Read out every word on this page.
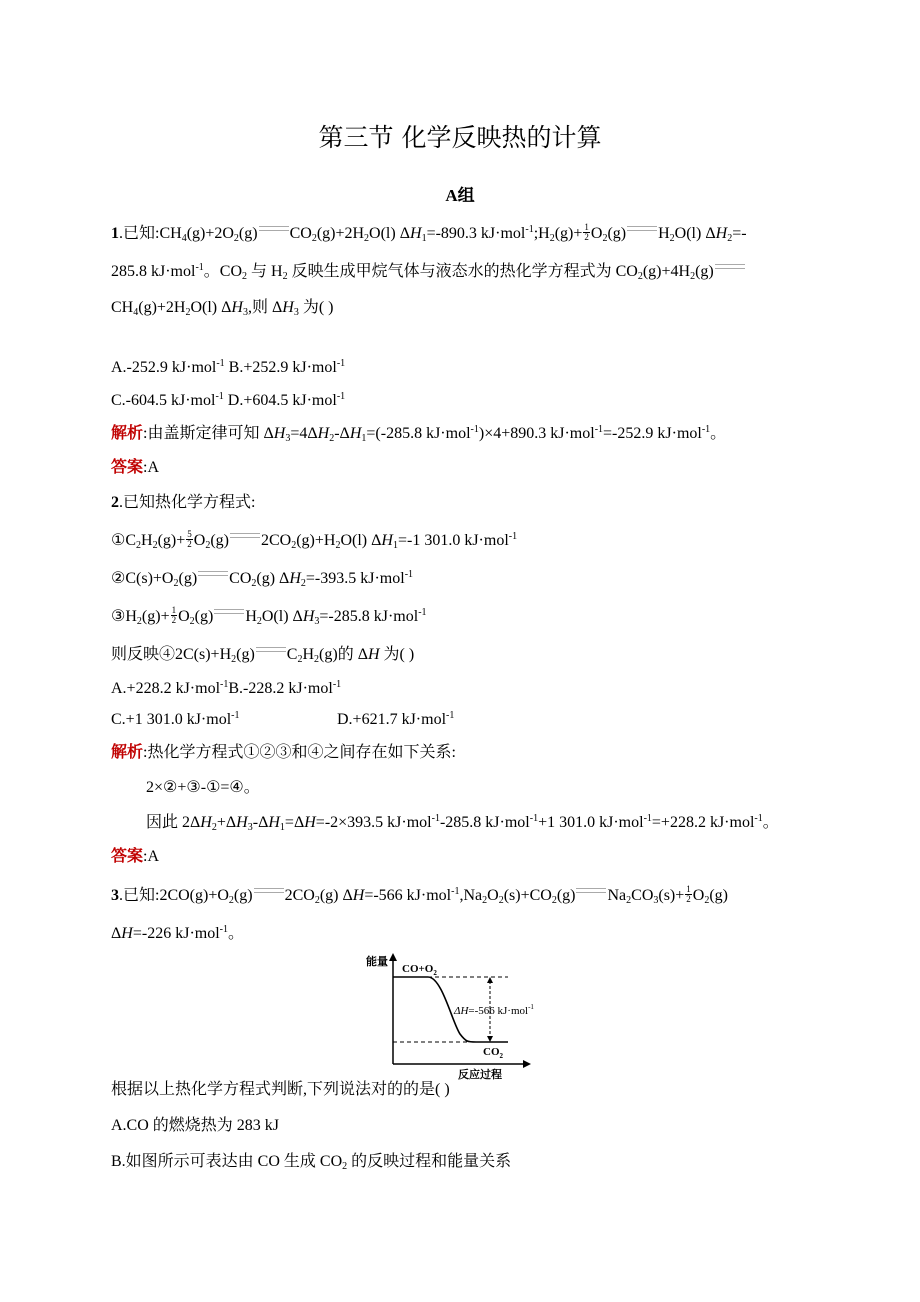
第三节 化学反映热的计算
A组
1.已知$:CH_4(g)+2O_2(g)$ $CO_2(g)+2H_2O(l)$ $\Delta H_1=-890.3$ $kJ\cdot mol^{-1};H_2(g)+ \frac{1}{2} O_2(g)$ $H_2O(l)$ $\Delta H_2=-$
285.8 kJ·mol$^{-1}$。$CO_2$ 与 $H_2$ 反映生成甲烷气体与液态水的热化学方程式为 $CO_2(g)+4H_2(g)$
$CH_4(g)+2H_2O(l)$ $\Delta H_3$,则 $\Delta H_3$ 为( )
A.-252.9 kJ·mol$^{-1}$ B.+252.9 kJ·mol$^{-1}$
C.-604.5 kJ·mol$^{-1}$ D.+604.5 kJ·mol$^{-1}$
解析:由盖斯定律可知 $\Delta H_3=4\Delta H_2-\Delta H_1=(-285.8$ kJ·mol$^{-1}$)×4+890.3 kJ·mol$^{-1}$=-252.9 kJ·mol$^{-1}$。
答案:A
2.已知热化学方程式:
$①C_2H_2(g)+ \frac{5}{2} O_2(g)$ $2CO_2(g)+H_2O(l)$ $\Delta H_1=-1$ 301.0 kJ·mol$^{-1}$
$②C(s)+O_2(g)$ $CO_2(g)$ $\Delta H_2=-393.5$ kJ·mol$^{-1}$
$③H_2(g)+ \frac{1}{2} O_2(g)$ $H_2O(l)$ $\Delta H_3=-285.8$ kJ·mol$^{-1}$
则反映$④2C(s)+H_2(g)$ $C_2H_2(g)$的 ΔH 为( )
A.+228.2 kJ·mol$^{-1}$B.-228.2 kJ·mol$^{-1}$
C.+1 301.0 kJ·mol$^{-1}$	D.+621.7 kJ·mol$^{-1}$
解析:热化学方程式①②③和④之间存在如下关系:
2×②+③-①=④。
因此 $2\Delta H_2+\Delta H_3-\Delta H_1=\Delta H=-2\times 393.5$ kJ·mol$^{-1}$-285.8 kJ·mol$^{-1}$+1 301.0 kJ·mol$^{-1}$=+228.2 kJ·mol$^{-1}$。
答案:A
3.已知$:2CO(g)+O_2(g)$ $2CO_2(g)$ ΔH=-566 $kJ\cdot mol^{-1},Na_2O_2(s)+CO_2(g)$ $Na_2CO_3(s)+ \frac{1}{2} O_2(g)$
ΔH=-226 kJ·mol$^{-1}$。
能量
反应过程
$CO+O_2$
$CO_2$
ΔH=-566 kJ·mol$^{-1}$
根据以上热化学方程式判断,下列说法对的的是( )
A.CO 的燃烧热为 283 kJ
B.如图所示可表达由 CO 生成 $CO_2$ 的反映过程和能量关系
